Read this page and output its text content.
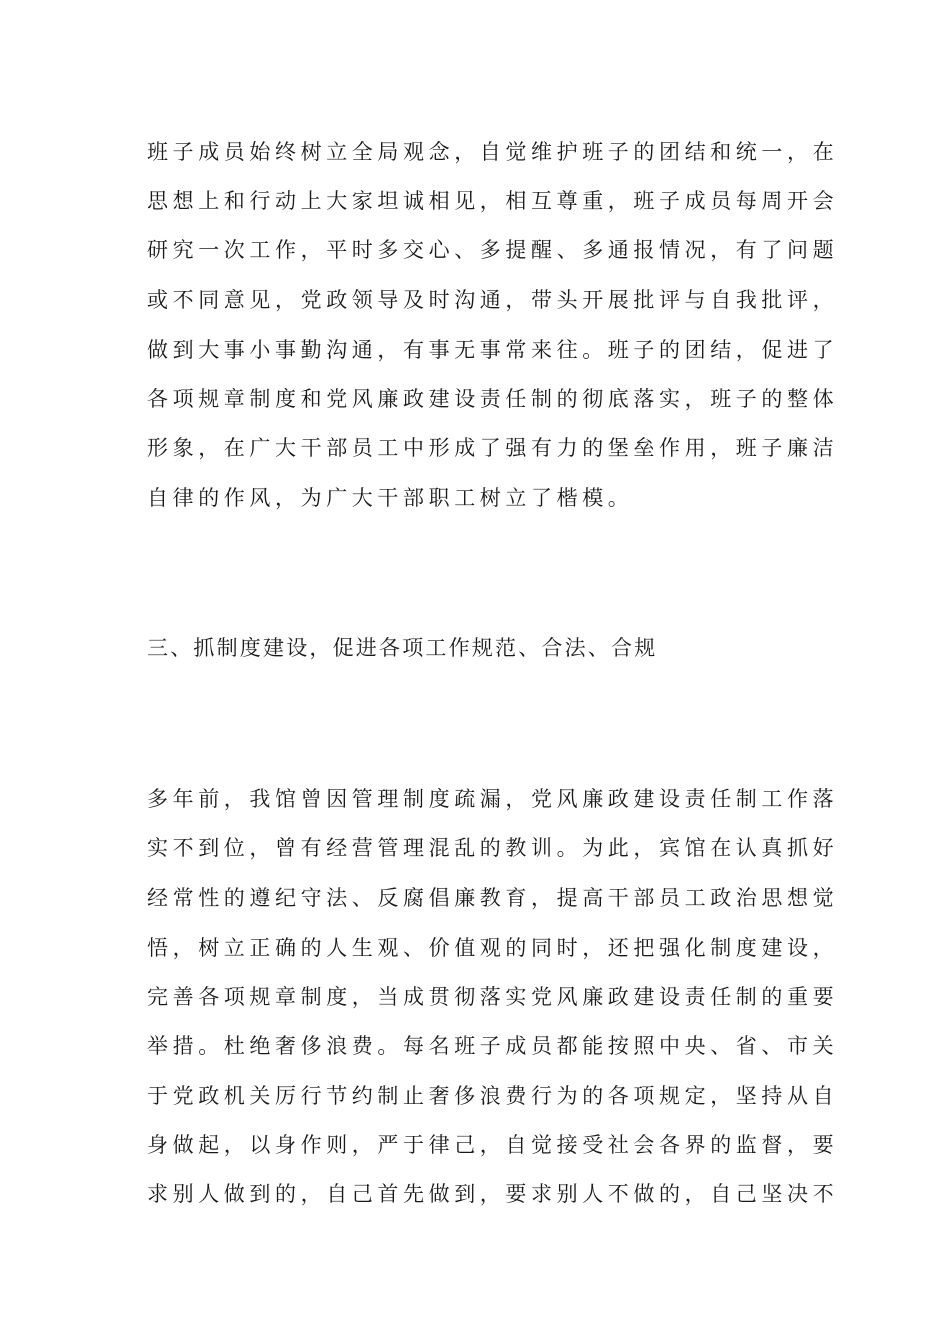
班子成员始终树立全局观念，自觉维护班子的团结和统一，在
思想上和行动上大家坦诚相见，相互尊重，班子成员每周开会
研究一次工作，平时多交心、多提醒、多通报情况，有了问题
或不同意见，党政领导及时沟通，带头开展批评与自我批评，
做到大事小事勤沟通，有事无事常来往。班子的团结，促进了
各项规章制度和党风廉政建设责任制的彻底落实，班子的整体
形象，在广大干部员工中形成了强有力的堡垒作用，班子廉洁
自律的作风，为广大干部职工树立了楷模。
三、抓制度建设，促进各项工作规范、合法、合规
多年前，我馆曾因管理制度疏漏，党风廉政建设责任制工作落
实不到位，曾有经营管理混乱的教训。为此，宾馆在认真抓好
经常性的遵纪守法、反腐倡廉教育，提高干部员工政治思想觉
悟，树立正确的人生观、价值观的同时，还把强化制度建设，
完善各项规章制度，当成贯彻落实党风廉政建设责任制的重要
举措。杜绝奢侈浪费。每名班子成员都能按照中央、省、市关
于党政机关厉行节约制止奢侈浪费行为的各项规定，坚持从自
身做起，以身作则，严于律己，自觉接受社会各界的监督，要
求别人做到的，自己首先做到，要求别人不做的，自己坚决不
